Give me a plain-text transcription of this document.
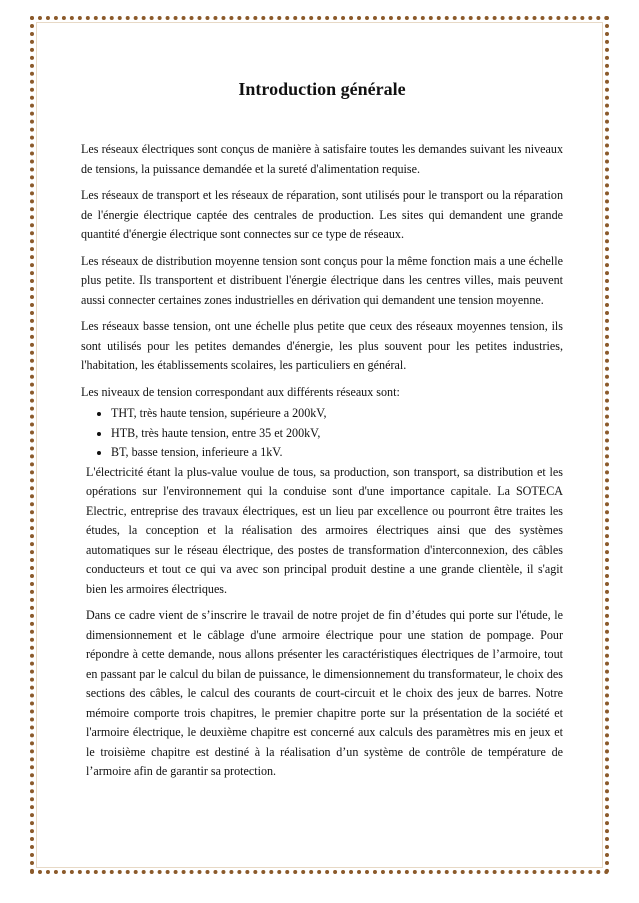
Introduction générale

Les réseaux électriques sont conçus de manière à satisfaire toutes les demandes suivant les niveaux de tensions, la puissance demandée et la sureté d'alimentation requise.

Les réseaux de transport et les réseaux de réparation, sont utilisés pour le transport ou la réparation de l'énergie électrique captée des centrales de production. Les sites qui demandent une grande quantité d'énergie électrique sont connectes sur ce type de réseaux.

Les réseaux de distribution moyenne tension sont conçus pour la même fonction mais a une échelle plus petite. Ils transportent et distribuent l'énergie électrique dans les centres villes, mais peuvent aussi connecter certaines zones industrielles en dérivation qui demandent une tension moyenne.

Les réseaux basse tension, ont une échelle plus petite que ceux des réseaux moyennes tension, ils sont utilisés pour les petites demandes d'énergie, les plus souvent pour les petites industries, l'habitation, les établissements scolaires, les particuliers en général.

Les niveaux de tension correspondant aux différents réseaux sont:

• THT, très haute tension, supérieure a 200kV,
• HTB, très haute tension, entre 35 et 200kV,
• BT, basse tension, inferieure a 1kV.

L'électricité étant la plus-value voulue de tous, sa production, son transport, sa distribution et les opérations sur l'environnement qui la conduise sont d'une importance capitale. La SOTECA Electric, entreprise des travaux électriques, est un lieu par excellence ou pourront être traites les études, la conception et la réalisation des armoires électriques ainsi que des systèmes automatiques sur le réseau électrique, des postes de transformation d'interconnexion, des câbles conducteurs et tout ce qui va avec son principal produit destine a une grande clientèle, il s'agit bien les armoires électriques.

Dans ce cadre vient de s’inscrire le travail de notre projet de fin d’études qui porte sur l'étude, le dimensionnement et le câblage d'une armoire électrique pour une station de pompage. Pour répondre à cette demande, nous allons présenter les caractéristiques électriques de l’armoire, tout en passant par le calcul du bilan de puissance, le dimensionnement du transformateur, le choix des sections des câbles, le calcul des courants de court-circuit et le choix des jeux de barres. Notre mémoire comporte trois chapitres, le premier chapitre porte sur la présentation de la société et l'armoire électrique, le deuxième chapitre est concerné aux calculs des paramètres mis en jeux et le troisième chapitre est destiné à la réalisation d’un système de contrôle de température de l’armoire afin de garantir sa protection.
